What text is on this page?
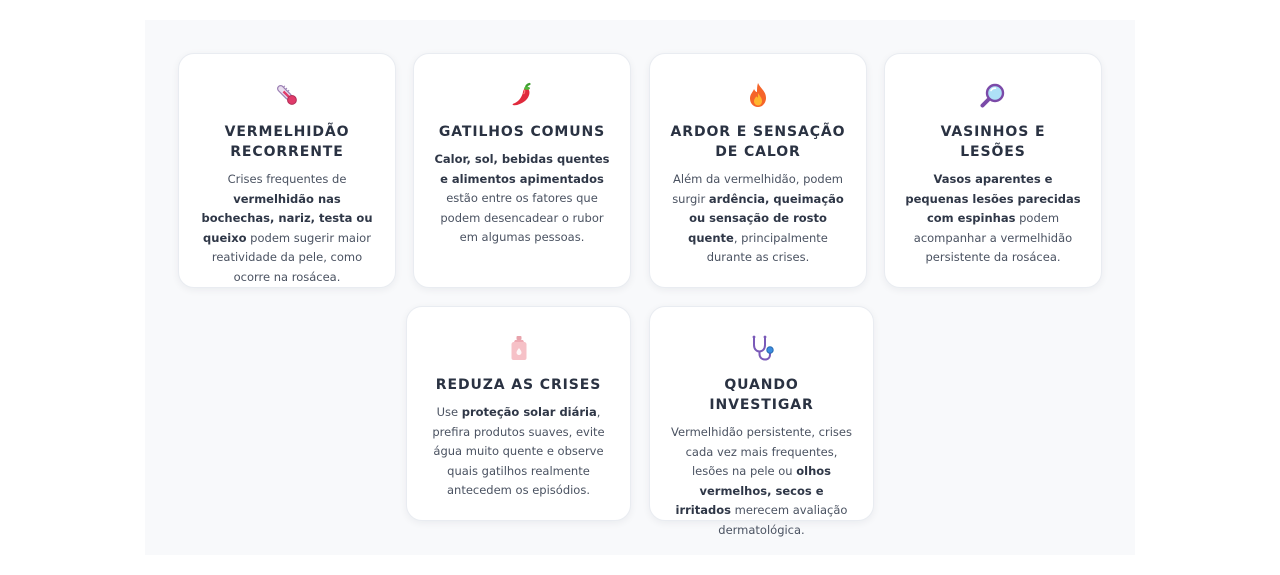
VERMELHIDÃO RECORRENTE

Crises frequentes de vermelhidão nas bochechas, nariz, testa ou queixo podem sugerir maior reatividade da pele, como ocorre na rosácea.

GATILHOS COMUNS

Calor, sol, bebidas quentes e alimentos apimentados estão entre os fatores que podem desencadear o rubor em algumas pessoas.

ARDOR E SENSAÇÃO DE CALOR

Além da vermelhidão, podem surgir ardência, queimação ou sensação de rosto quente, principalmente durante as crises.

VASINHOS E LESÕES

Vasos aparentes e pequenas lesões parecidas com espinhas podem acompanhar a vermelhidão persistente da rosácea.

REDUZA AS CRISES

Use proteção solar diária, prefira produtos suaves, evite água muito quente e observe quais gatilhos realmente antecedem os episódios.

QUANDO INVESTIGAR

Vermelhidão persistente, crises cada vez mais frequentes, lesões na pele ou olhos vermelhos, secos e irritados merecem avaliação dermatológica.
